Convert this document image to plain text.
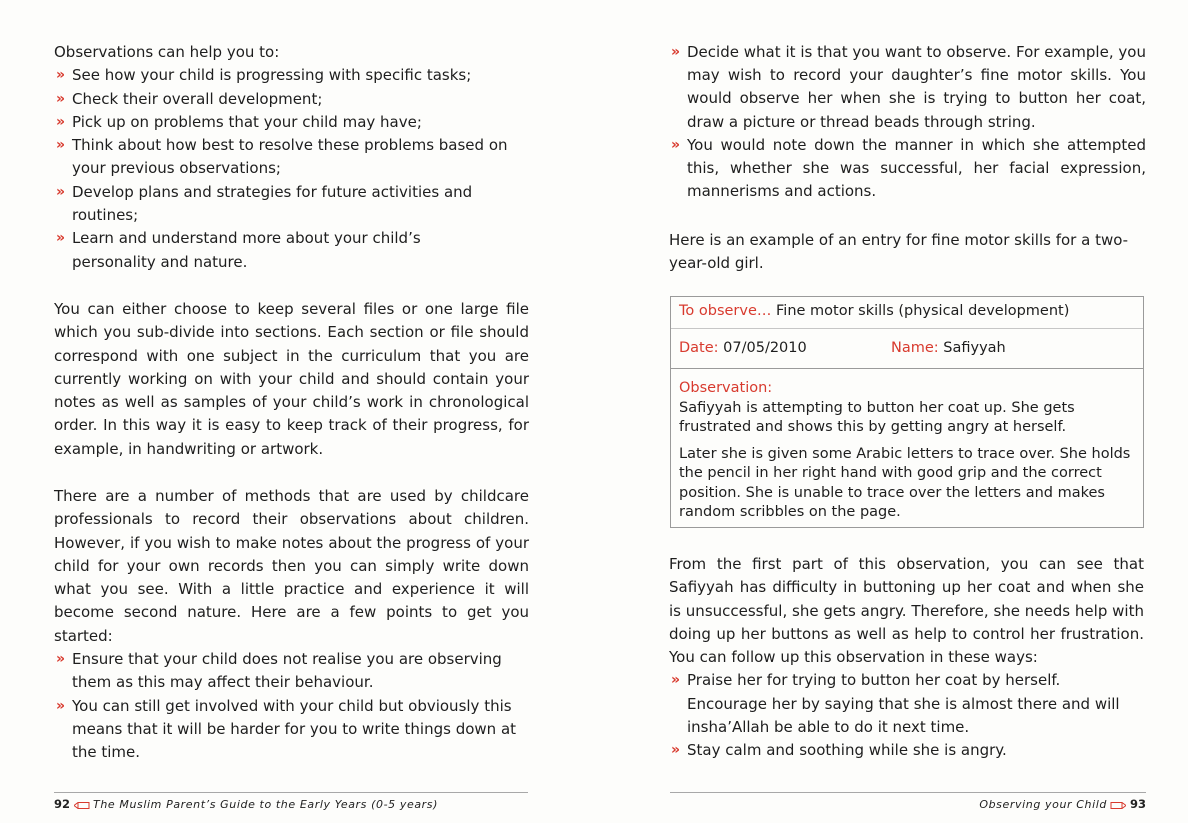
Observations can help you to:

» See how your child is progressing with specific tasks;
» Check their overall development;
» Pick up on problems that your child may have;
» Think about how best to resolve these problems based on your previous observations;
» Develop plans and strategies for future activities and routines;
» Learn and understand more about your child’s personality and nature.

You can either choose to keep several files or one large file which you sub-divide into sections. Each section or file should correspond with one subject in the curriculum that you are currently working on with your child and should contain your notes as well as samples of your child’s work in chronological order. In this way it is easy to keep track of their progress, for example, in handwriting or artwork.

There are a number of methods that are used by childcare professionals to record their observations about children. However, if you wish to make notes about the progress of your child for your own records then you can simply write down what you see. With a little practice and experience it will become second nature. Here are a few points to get you started:

» Ensure that your child does not realise you are observing them as this may affect their behaviour.
» You can still get involved with your child but obviously this means that it will be harder for you to write things down at the time.
92 The Muslim Parent’s Guide to the Early Years (0-5 years)
» Decide what it is that you want to observe. For example, you may wish to record your daughter’s fine motor skills. You would observe her when she is trying to button her coat, draw a picture or thread beads through string.
» You would note down the manner in which she attempted this, whether she was successful, her facial expression, mannerisms and actions.

Here is an example of an entry for fine motor skills for a two-year-old girl.

To observe… Fine motor skills (physical development)
Date: 07/05/2010	Name: Safiyyah

Observation:

Safiyyah is attempting to button her coat up. She gets frustrated and shows this by getting angry at herself.

Later she is given some Arabic letters to trace over. She holds the pencil in her right hand with good grip and the correct position. She is unable to trace over the letters and makes random scribbles on the page.

From the first part of this observation, you can see that Safiyyah has difficulty in buttoning up her coat and when she is unsuccessful, she gets angry. Therefore, she needs help with doing up her buttons as well as help to control her frustration. You can follow up this observation in these ways:

» Praise her for trying to button her coat by herself. Encourage her by saying that she is almost there and will insha’Allah be able to do it next time.
» Stay calm and soothing while she is angry.
Observing your Child 93
